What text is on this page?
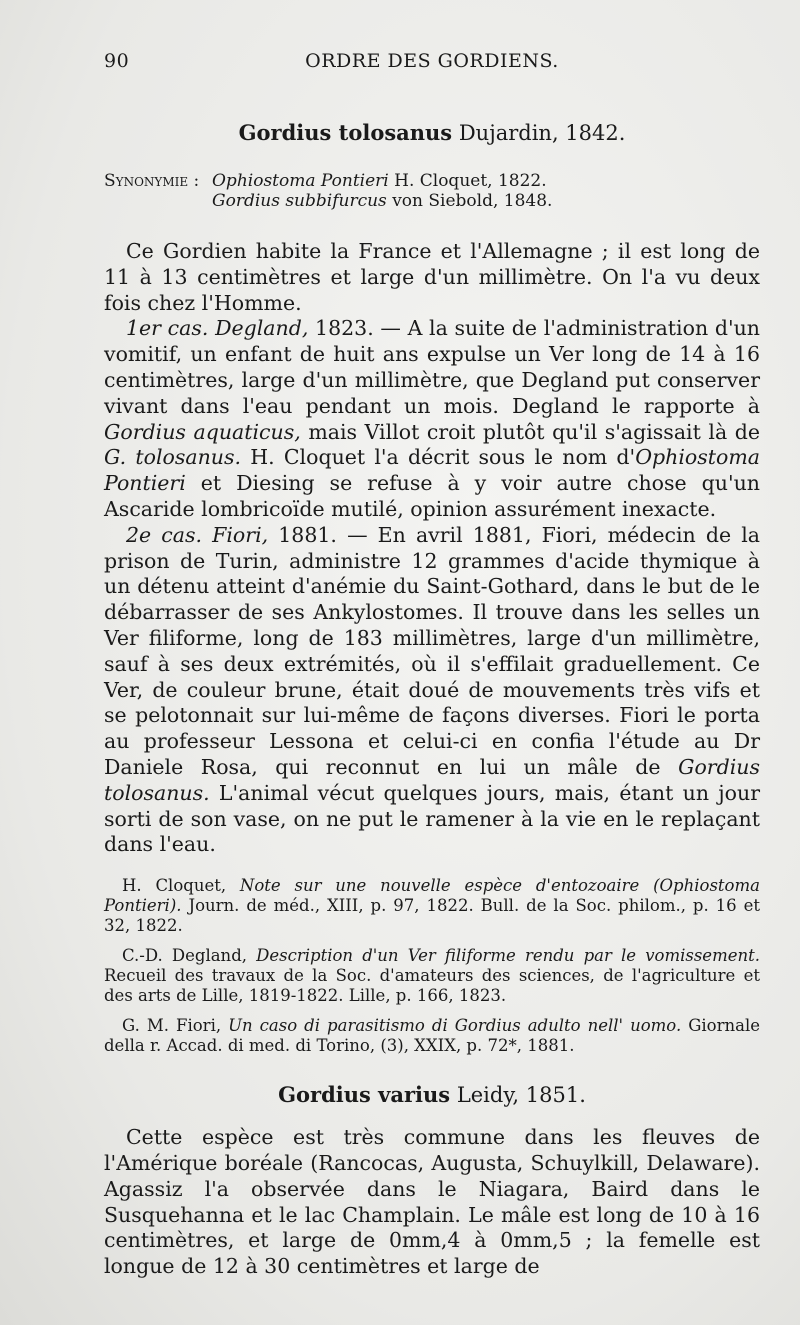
90	ORDRE DES GORDIENS.
Gordius tolosanus Dujardin, 1842.
Synonymie : Ophiostoma Pontieri H. Cloquet, 1822.
Gordius subbifurcus von Siebold, 1848.

Ce Gordien habite la France et l'Allemagne ; il est long de 11 à 13 centimètres et large d'un millimètre. On l'a vu deux fois chez l'Homme.

1er cas. Degland, 1823. — A la suite de l'administration d'un vomitif, un enfant de huit ans expulse un Ver long de 14 à 16 centimètres, large d'un millimètre, que Degland put conserver vivant dans l'eau pendant un mois. Degland le rapporte à Gordius aquaticus, mais Villot croit plutôt qu'il s'agissait là de G. tolosanus. H. Cloquet l'a décrit sous le nom d'Ophiostoma Pontieri et Diesing se refuse à y voir autre chose qu'un Ascaride lombricoïde mutilé, opinion assurément inexacte.

2e cas. Fiori, 1881. — En avril 1881, Fiori, médecin de la prison de Turin, administre 12 grammes d'acide thymique à un détenu atteint d'anémie du Saint-Gothard, dans le but de le débarrasser de ses Ankylostomes. Il trouve dans les selles un Ver filiforme, long de 183 millimètres, large d'un millimètre, sauf à ses deux extrémités, où il s'effilait graduellement. Ce Ver, de couleur brune, était doué de mouvements très vifs et se pelotonnait sur lui-même de façons diverses. Fiori le porta au professeur Lessona et celui-ci en confia l'étude au Dr Daniele Rosa, qui reconnut en lui un mâle de Gordius tolosanus. L'animal vécut quelques jours, mais, étant un jour sorti de son vase, on ne put le ramener à la vie en le replaçant dans l'eau.

H. Cloquet, Note sur une nouvelle espèce d'entozoaire (Ophiostoma Pontieri). Journ. de méd., XIII, p. 97, 1822. Bull. de la Soc. philom., p. 16 et 32, 1822.

C.-D. Degland, Description d'un Ver filiforme rendu par le vomissement. Recueil des travaux de la Soc. d'amateurs des sciences, de l'agriculture et des arts de Lille, 1819-1822. Lille, p. 166, 1823.

G. M. Fiori, Un caso di parasitismo di Gordius adulto nell' uomo. Giornale della r. Accad. di med. di Torino, (3), XXIX, p. 72*, 1881.

Gordius varius Leidy, 1851.

Cette espèce est très commune dans les fleuves de l'Amérique boréale (Rancocas, Augusta, Schuylkill, Delaware). Agassiz l'a observée dans le Niagara, Baird dans le Susquehanna et le lac Champlain. Le mâle est long de 10 à 16 centimètres, et large de 0mm,4 à 0mm,5 ; la femelle est longue de 12 à 30 centimètres et large de
